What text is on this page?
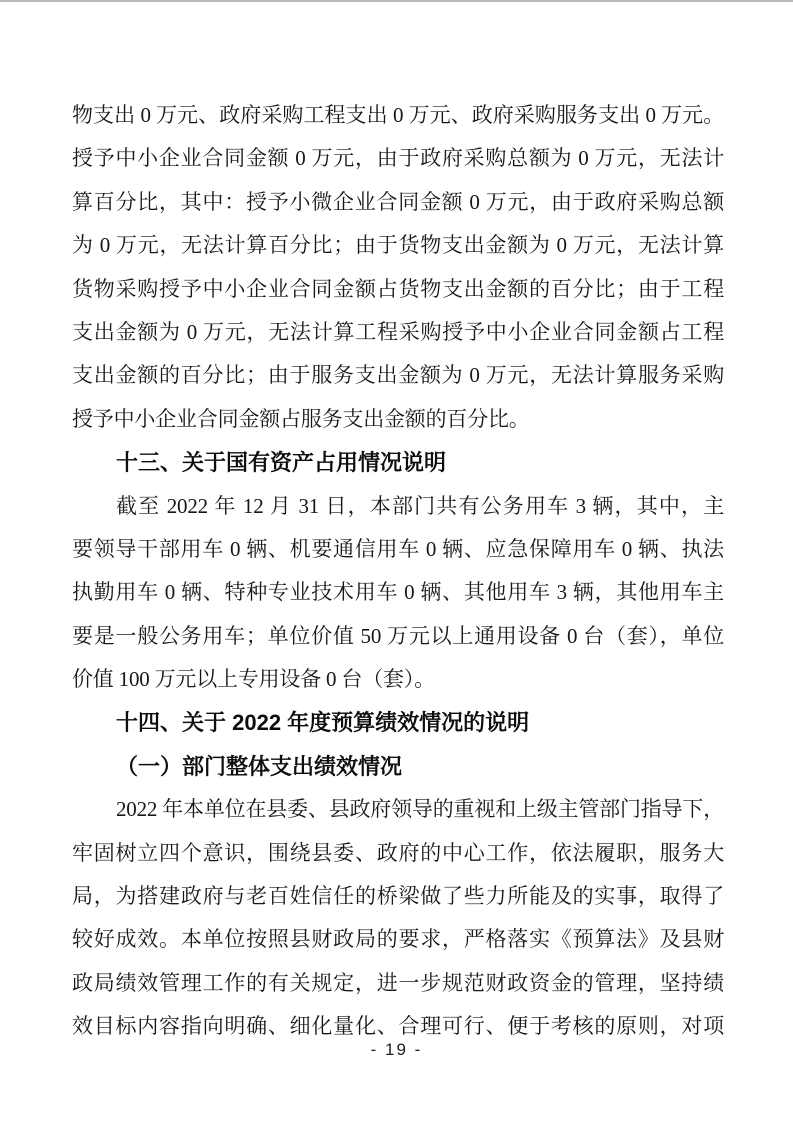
物支出 0 万元、政府采购工程支出 0 万元、政府采购服务支出 0 万元。
授予中小企业合同金额 0 万元，由于政府采购总额为 0 万元，无法计
算百分比，其中：授予小微企业合同金额 0 万元，由于政府采购总额
为 0 万元，无法计算百分比；由于货物支出金额为 0 万元，无法计算
货物采购授予中小企业合同金额占货物支出金额的百分比；由于工程
支出金额为 0 万元，无法计算工程采购授予中小企业合同金额占工程
支出金额的百分比；由于服务支出金额为 0 万元，无法计算服务采购
授予中小企业合同金额占服务支出金额的百分比。
十三、关于国有资产占用情况说明
截至 2022 年 12 月 31 日，本部门共有公务用车 3 辆，其中，主
要领导干部用车 0 辆、机要通信用车 0 辆、应急保障用车 0 辆、执法
执勤用车 0 辆、特种专业技术用车 0 辆、其他用车 3 辆，其他用车主
要是一般公务用车；单位价值 50 万元以上通用设备 0 台（套），单位
价值 100 万元以上专用设备 0 台（套）。
十四、关于 2022 年度预算绩效情况的说明
（一）部门整体支出绩效情况
2022 年本单位在县委、县政府领导的重视和上级主管部门指导下，
牢固树立四个意识，围绕县委、政府的中心工作，依法履职，服务大
局，为搭建政府与老百姓信任的桥梁做了些力所能及的实事，取得了
较好成效。本单位按照县财政局的要求，严格落实《预算法》及县财
政局绩效管理工作的有关规定，进一步规范财政资金的管理，坚持绩
效目标内容指向明确、细化量化、合理可行、便于考核的原则，对项
- 19 -
